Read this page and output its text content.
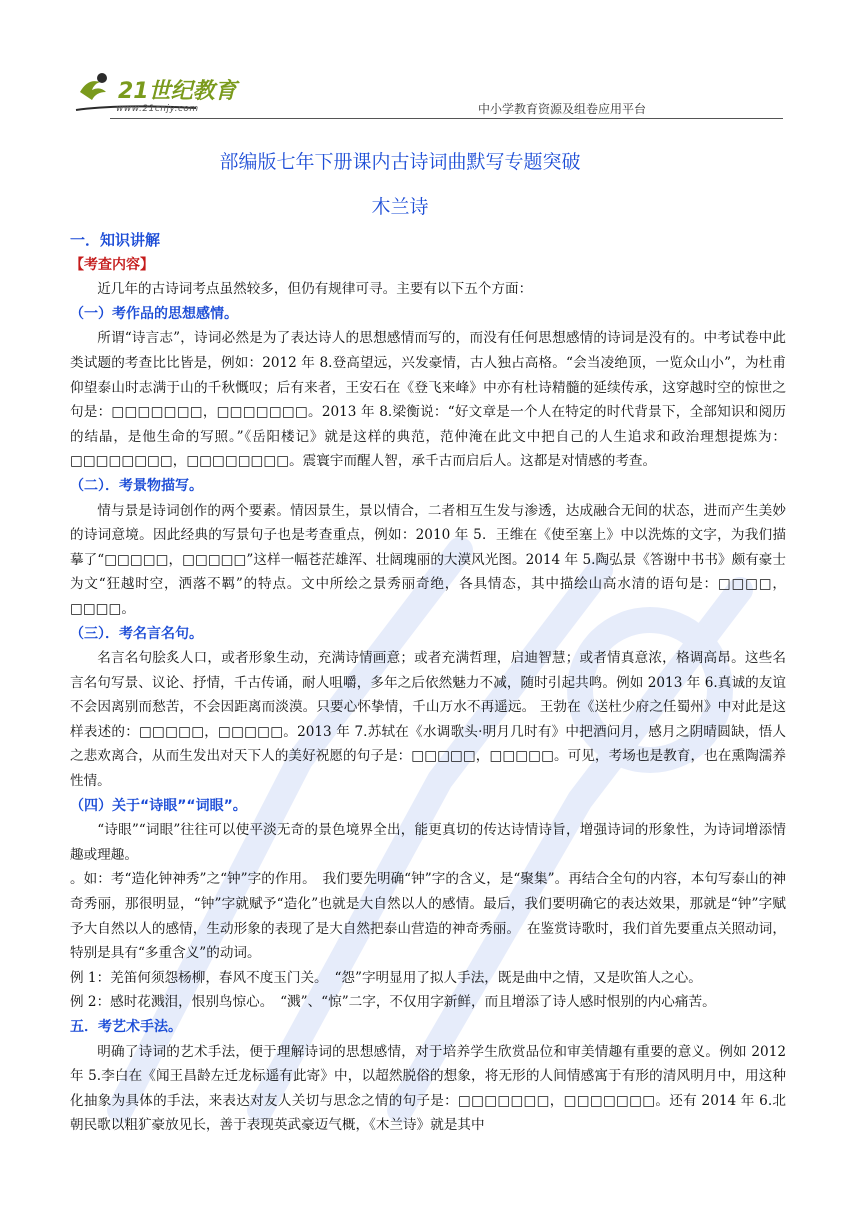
21世纪教育
www.21cnjy.com	中小学教育资源及组卷应用平台
部编版七年下册课内古诗词曲默写专题突破
木兰诗

一．知识讲解

【考查内容】

近几年的古诗词考点虽然较多，但仍有规律可寻。主要有以下五个方面：

（一）考作品的思想感情。

所谓“诗言志”，诗词必然是为了表达诗人的思想感情而写的，而没有任何思想感情的诗词是没有的。中考试卷中此类试题的考查比比皆是，例如：2012 年 8.登高望远，兴发豪情，古人独占高格。“会当凌绝顶，一览众山小”，为杜甫仰望泰山时志满于山的千秋慨叹；后有来者，王安石在《登飞来峰》中亦有杜诗精髓的延续传承，这穿越时空的惊世之句是：□□□□□□□，□□□□□□□。2013 年 8.梁衡说：“好文章是一个人在特定的时代背景下，全部知识和阅历的结晶，是他生命的写照。”《岳阳楼记》就是这样的典范，范仲淹在此文中把自己的人生追求和政治理想提炼为：□□□□□□□□，□□□□□□□□。震寰宇而醒人智，承千古而启后人。这都是对情感的考查。

（二）．考景物描写。

情与景是诗词创作的两个要素。情因景生，景以情合，二者相互生发与渗透，达成融合无间的状态，进而产生美妙的诗词意境。因此经典的写景句子也是考查重点，例如：2010 年 5．王维在《使至塞上》中以洗炼的文字，为我们描摹了“□□□□□，□□□□□”这样一幅苍茫雄浑、壮阔瑰丽的大漠风光图。2014 年 5.陶弘景《答谢中书书》颇有豪士为文“狂越时空，洒落不羁”的特点。文中所绘之景秀丽奇绝，各具情态，其中描绘山高水清的语句是：□□□□，□□□□。

（三）．考名言名句。

名言名句脍炙人口，或者形象生动，充满诗情画意；或者充满哲理，启迪智慧；或者情真意浓，格调高昂。这些名言名句写景、议论、抒情，千古传诵，耐人咀嚼，多年之后依然魅力不减，随时引起共鸣。例如 2013 年 6.真诚的友谊不会因离别而愁苦，不会因距离而淡漠。只要心怀挚情，千山万水不再遥远。 王勃在《送杜少府之任蜀州》中对此是这样表述的：□□□□□，□□□□□。2013 年 7.苏轼在《水调歌头·明月几时有》中把酒问月，感月之阴晴圆缺，悟人之悲欢离合，从而生发出对天下人的美好祝愿的句子是：□□□□□，□□□□□。可见，考场也是教育，也在熏陶濡养性情。

（四）关于“诗眼”“词眼”。

“诗眼”“词眼”往往可以使平淡无奇的景色境界全出，能更真切的传达诗情诗旨，增强诗词的形象性，为诗词增添情趣或理趣。

。如：考“造化钟神秀”之“钟”字的作用。　我们要先明确“钟”字的含义，是“聚集”。再结合全句的内容，本句写泰山的神奇秀丽，那很明显，“钟”字就赋予“造化”也就是大自然以人的感情。最后，我们要明确它的表达效果，那就是“钟”字赋予大自然以人的感情，生动形象的表现了是大自然把泰山营造的神奇秀丽。　在鉴赏诗歌时，我们首先要重点关照动词，特别是具有“多重含义”的动词。

例 1：羌笛何须怨杨柳，春风不度玉门关。　“怨”字明显用了拟人手法，既是曲中之情，又是吹笛人之心。

例 2：感时花溅泪，恨别鸟惊心。　“溅”、“惊”二字，不仅用字新鲜，而且增添了诗人感时恨别的内心痛苦。

五．考艺术手法。

明确了诗词的艺术手法，便于理解诗词的思想感情，对于培养学生欣赏品位和审美情趣有重要的意义。例如 2012 年 5.李白在《闻王昌龄左迁龙标遥有此寄》中，以超然脱俗的想象，将无形的人间情感寓于有形的清风明月中，用这种化抽象为具体的手法，来表达对友人关切与思念之情的句子是：□□□□□□□，□□□□□□□。还有 2014 年 6.北朝民歌以粗犷豪放见长，善于表现英武豪迈气概，《木兰诗》就是其中
